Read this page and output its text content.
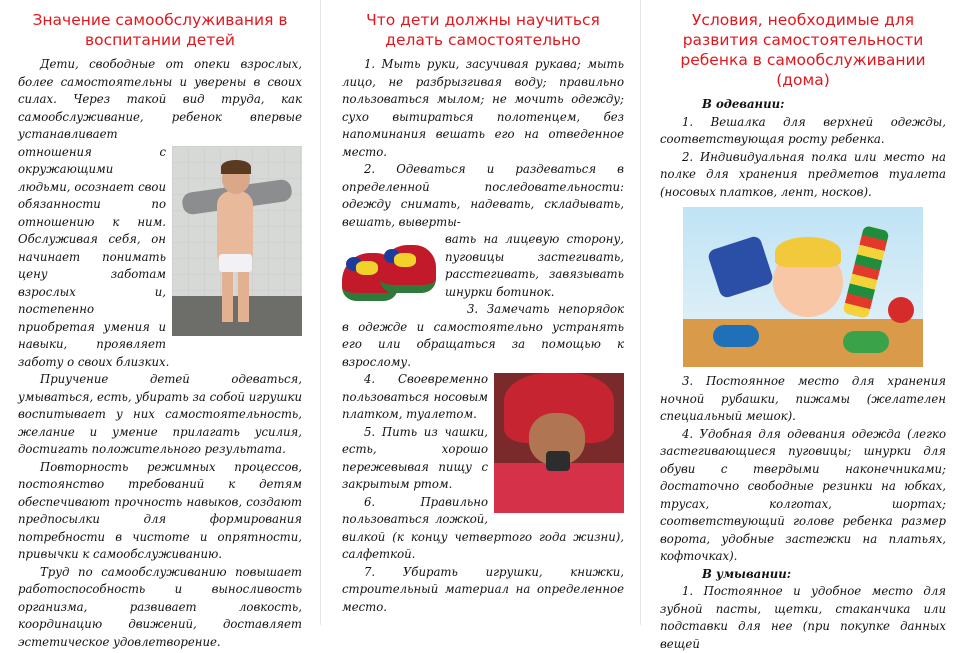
Значение самообслуживания в воспитании детей

Дети, свободные от опеки взрослых, более самостоятельны и уверены в своих силах. Через такой вид труда, как самообслуживание, ребенок впервые устанавливает

отношения с окружающими людьми, осознает свои обязанности по отношению к ним. Обслуживая себя, он начинает понимать цену заботам взрослых и, постепенно приобретая умения и навыки, проявляет заботу о своих близких.

Приучение детей одеваться, умываться, есть, убирать за собой игрушки воспитывает у них самостоятельность, желание и умение прилагать усилия, достигать положительного результата.

Повторность режимных процессов, постоянство требований к детям обеспечивают прочность навыков, создают предпосылки для формирования потребности в чистоте и опрятности, привычки к самообслуживанию.

Труд по самообслуживанию повышает работоспособность и выносливость организма, развивает ловкость, координацию движений, доставляет эстетическое удовлетворение.

Что дети должны научиться делать самостоятельно

1. Мыть руки, засучивая рукава; мыть лицо, не разбрызгивая воду; правильно пользоваться мылом; не мочить одежду; сухо вытираться полотенцем, без напоминания вешать его на отведенное место.

2. Одеваться и раздеваться в определенной последовательности: одежду снимать, надевать, складывать, вешать, выверты-

вать на лицевую сторону, пуговицы застегивать, расстегивать, завязывать шнурки ботинок.

3. Замечать непорядок в одежде и самостоятельно устранять его или обращаться за помощью к взрослому.

4. Своевременно пользоваться носовым платком, туалетом.

5. Пить из чашки, есть, хорошо пережевывая пищу с закрытым ртом.

6. Правильно пользоваться ложкой, вилкой (к концу четвертого года жизни), салфеткой.

7. Убирать игрушки, книжки, строительный материал на определенное место.

Условия, необходимые для развития самостоятельности ребенка в самообслуживании (дома)
В одевании:

1. Вешалка для верхней одежды, соответствующая росту ребенка.

2. Индивидуальная полка или место на полке для хранения предметов туалета (носовых платков, лент, носков).

3. Постоянное место для хранения ночной рубашки, пижамы (желателен специальный мешок).

4. Удобная для одевания одежда (легко застегивающиеся пуговицы; шнурки для обуви с твердыми наконечниками; достаточно свободные резинки на юбках, трусах, колготах, шортах; соответствующий голове ребенка размер ворота, удобные застежки на платьях, кофточках).

В умывании:

1. Постоянное и удобное место для зубной пасты, щетки, стаканчика или подставки для нее (при покупке данных вещей
